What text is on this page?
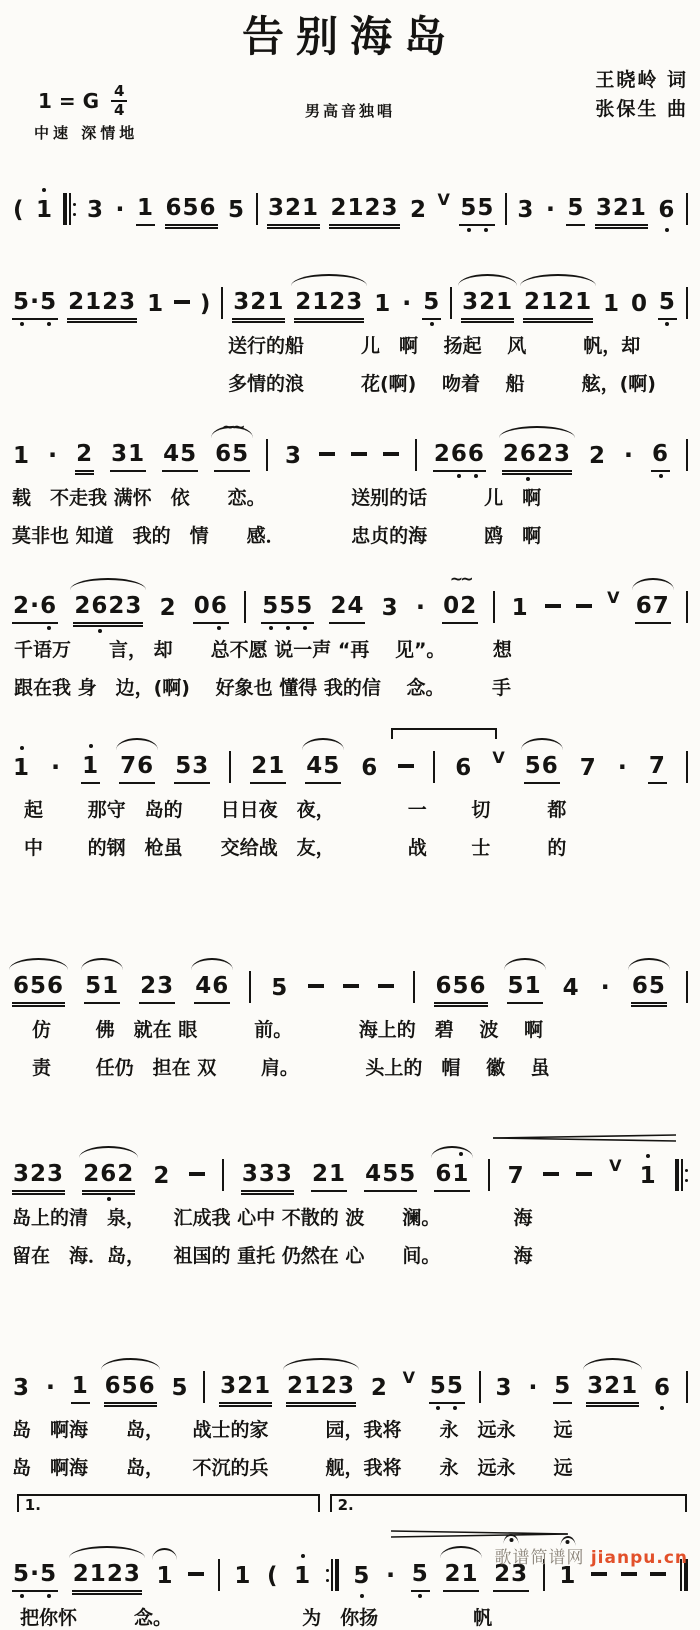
告别海岛
男高音独唱
王晓岭 词
张保生 曲
1 = G $\frac{4}{4}$
中速 深情地
( 1 3 · 1 656 5 321 2123 2 V 5
5 3 · 5 321 6
5
·5 2123 1 ) 321 2123 1 · 5 321 2121 1 0 5
送行的船　　　儿　啊　 扬起　 风　　　帆，却
多情的浪　　　花(啊)　 吻着　 船　　　舷，(啊)
1 · 2 31 45 65
~~
3	26
6 26
23 2 · 6
载　不走我 满怀　依　　恋。　　　　　送别的话　　　儿　啊
莫非也 知道　我的　情　　感．　　　　忠贞的海　　　鸥　啊
2·6 26
23 2 06 5
5
5 24 3 · 02
~~
1	V 67
千语万　　言， 却　　总不愿 说一声 “再　 见”。　　　想
跟在我 身　边，(啊)　 好象也 懂得 我的信　 念。　　　手
1 · 1 76 53 21 45 6	6 V 56 7 · 7
起　　 那守　岛的　　日日夜　夜，　　　　 一　　 切　　　都
中　　 的钢　枪虽　　交给战　友，　　　　 战　　 士　　　的
656 51 23 46 5	656 51 4 · 65
仿　　 佛　就在 眼　　　前。　　　　海上的　碧　 波　 啊
责　　 任仍　担在 双　　 肩。　　　　头上的　帽　 徽　 虽
323 26
2 2	333 21 455 61 7	V 1
岛上的清　泉，　　汇成我 心中 不散的 波　　澜。　　　　 海
留在　海．岛，　　祖国的 重托 仍然在 心　　间。　　　　 海
3 · 1 656 5 321 2123 2 V 5
5 3 · 5 321 6
岛　啊海　　岛，　　战士的家　　　园，我将　　永　远永　　远
岛　啊海　　岛，　　不沉的兵　　　舰，我将　　永　远永　　远
1.	2.
5
·5 2123 1	1 ( 1 5 · 5 21 23 1
把你怀　　　念。　　　　　　　 为　你扬　　　　　帆
歌谱简谱网 jianpu.cn
